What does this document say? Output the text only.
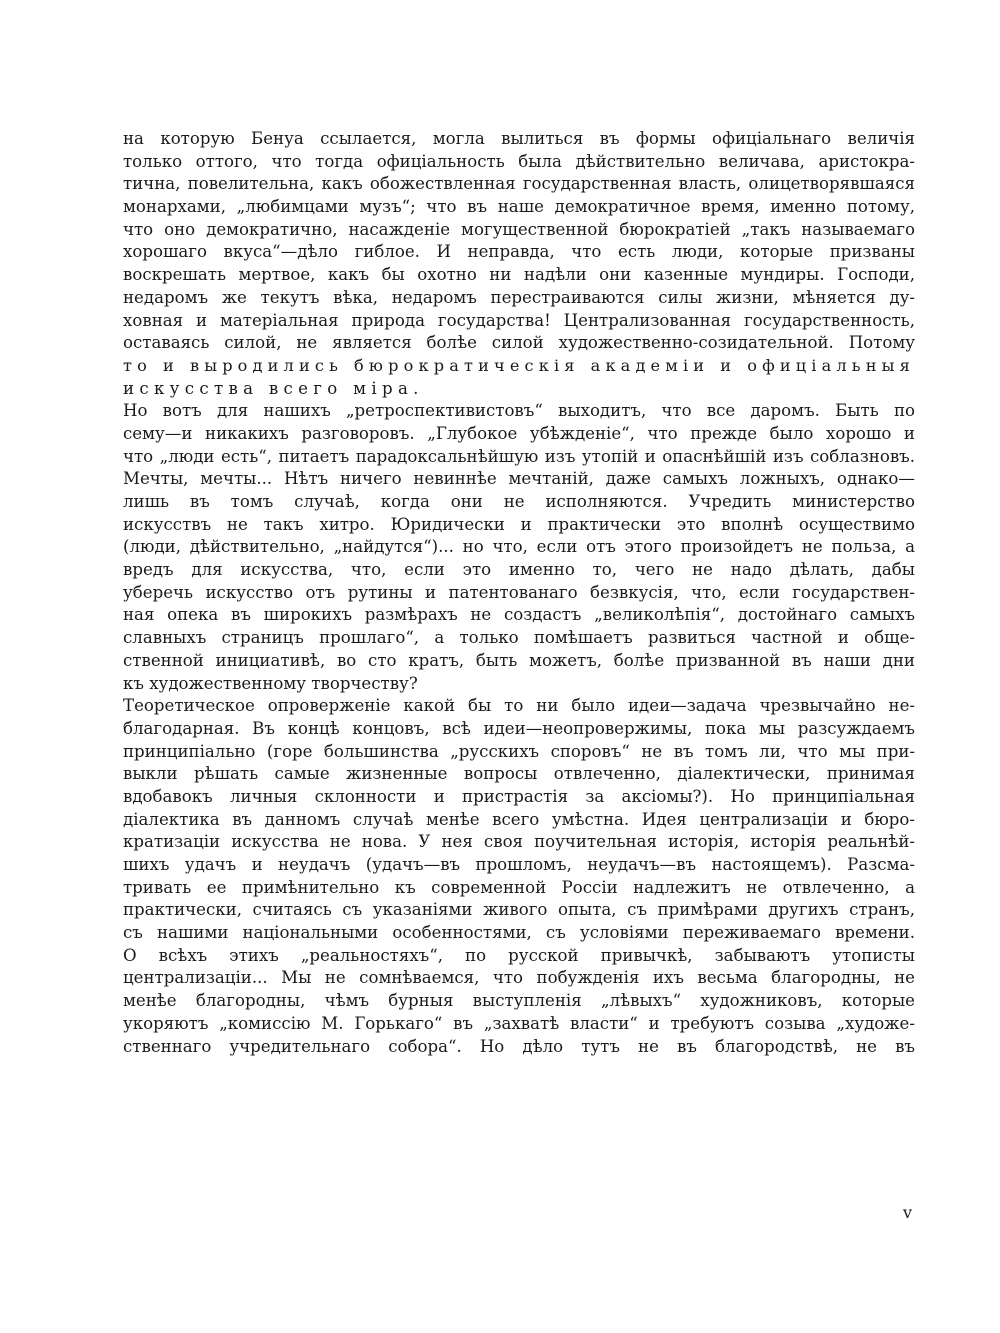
на которую Бенуа ссылается, могла вылиться въ формы офиціальнаго величія
только оттого, что тогда офиціальность была дѣйствительно величава, аристокра-
тична, повелительна, какъ обожествленная государственная власть, олицетворявшаяся
монархами, „любимцами музъ“; что въ наше демократичное время, именно потому,
что оно демократично, насажденіе могущественной бюрократіей „такъ называемаго
хорошаго вкуса“—дѣло гиблое. И неправда, что есть люди, которые призваны
воскрешать мертвое, какъ бы охотно ни надѣли они казенные мундиры. Господи,
недаромъ же текутъ вѣка, недаромъ перестраиваются силы жизни, мѣняется ду-
ховная и матеріальная природа государства! Централизованная государственность,
оставаясь силой, не является болѣе силой художественно-созидательной. Потому
то и выродились бюрократическія академіи и офиціальныя
искусства всего міра.
Но вотъ для нашихъ „ретроспективистовъ“ выходитъ, что все даромъ. Быть по
сему—и никакихъ разговоровъ. „Глубокое убѣжденіе“, что прежде было хорошо и
что „люди есть“, питаетъ парадоксальнѣйшую изъ утопій и опаснѣйшій изъ соблазновъ.
Мечты, мечты... Нѣтъ ничего невиннѣе мечтаній, даже самыхъ ложныхъ, однако—
лишь въ томъ случаѣ, когда они не исполняются. Учредить министерство
искусствъ не такъ хитро. Юридически и практически это вполнѣ осуществимо
(люди, дѣйствительно, „найдутся“)... но что, если отъ этого произойдетъ не польза, а
вредъ для искусства, что, если это именно то, чего не надо дѣлать, дабы
уберечь искусство отъ рутины и патентованаго безвкусія, что, если государствен-
ная опека въ широкихъ размѣрахъ не создастъ „великолѣпія“, достойнаго самыхъ
славныхъ страницъ прошлаго“, а только помѣшаетъ развиться частной и обще-
ственной инициативѣ, во сто кратъ, быть можетъ, болѣе призванной въ наши дни
къ художественному творчеству?
Теоретическое опроверженіе какой бы то ни было идеи—задача чрезвычайно не-
благодарная. Въ концѣ концовъ, всѣ идеи—неопровержимы, пока мы разсуждаемъ
принципіально (горе большинства „русскихъ споровъ“ не въ томъ ли, что мы при-
выкли рѣшать самые жизненные вопросы отвлеченно, діалектически, принимая
вдобавокъ личныя склонности и пристрастія за аксіомы?). Но принципіальная
діалектика въ данномъ случаѣ менѣе всего умѣстна. Идея централизаціи и бюро-
кратизаціи искусства не нова. У нея своя поучительная исторія, исторія реальнѣй-
шихъ удачъ и неудачъ (удачъ—въ прошломъ, неудачъ—въ настоящемъ). Разсма-
тривать ее примѣнительно къ современной Россіи надлежитъ не отвлеченно, а
практически, считаясь съ указаніями живого опыта, съ примѣрами другихъ странъ,
съ нашими національными особенностями, съ условіями переживаемаго времени.
О всѣхъ этихъ „реальностяхъ“, по русской привычкѣ, забываютъ утописты
централизаціи... Мы не сомнѣваемся, что побужденія ихъ весьма благородны, не
менѣе благородны, чѣмъ бурныя выступленія „лѣвыхъ“ художниковъ, которые
укоряютъ „комиссію М. Горькаго“ въ „захватѣ власти“ и требуютъ созыва „художе-
ственнаго учредительнаго собора“. Но дѣло тутъ не въ благородствѣ, не въ
v
